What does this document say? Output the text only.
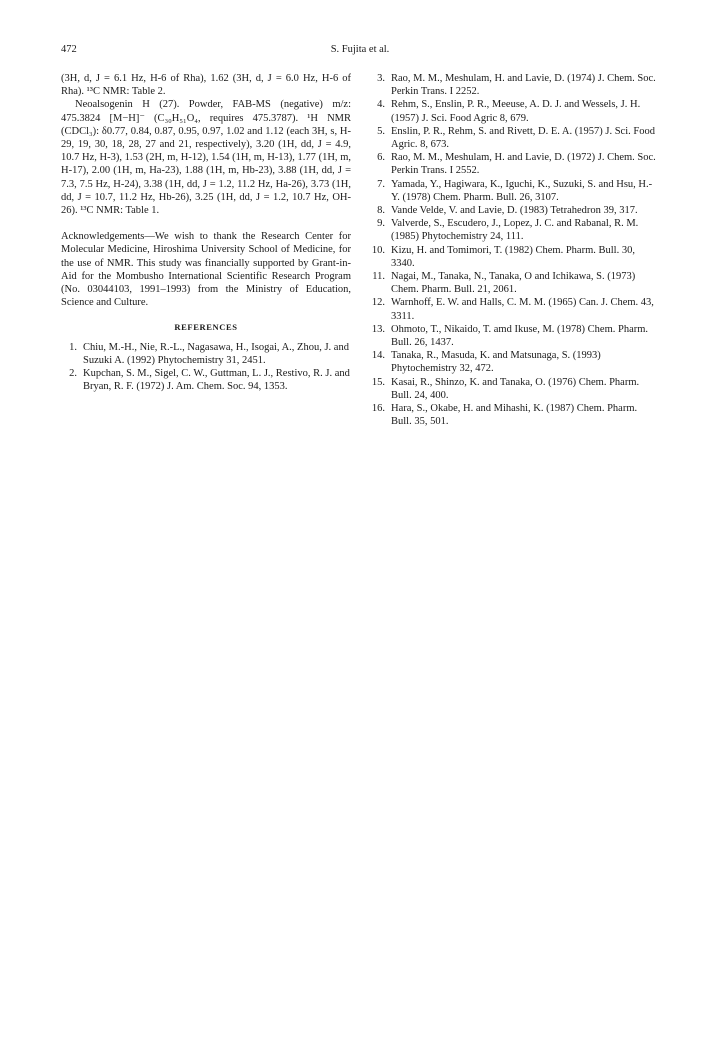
472	S. Fujita et al.

(3H, d, J = 6.1 Hz, H-6 of Rha), 1.62 (3H, d, J = 6.0 Hz, H-6 of Rha). ¹³C NMR: Table 2.

Neoalsogenin H (27). Powder, FAB-MS (negative) m/z: 475.3824 [M−H]⁻ (C₃₀H₅₁O₄, requires 475.3787). ¹H NMR (CDCl₃): δ0.77, 0.84, 0.87, 0.95, 0.97, 1.02 and 1.12 (each 3H, s, H-29, 19, 30, 18, 28, 27 and 21, respectively), 3.20 (1H, dd, J = 4.9, 10.7 Hz, H-3), 1.53 (2H, m, H-12), 1.54 (1H, m, H-13), 1.77 (1H, m, H-17), 2.00 (1H, m, Ha-23), 1.88 (1H, m, Hb-23), 3.88 (1H, dd, J = 7.3, 7.5 Hz, H-24), 3.38 (1H, dd, J = 1.2, 11.2 Hz, Ha-26), 3.73 (1H, dd, J = 10.7, 11.2 Hz, Hb-26), 3.25 (1H, dd, J = 1.2, 10.7 Hz, OH-26). ¹³C NMR: Table 1.

Acknowledgements—We wish to thank the Research Center for Molecular Medicine, Hiroshima University School of Medicine, for the use of NMR. This study was financially supported by Grant-in-Aid for the Mombusho International Scientific Research Program (No. 03044103, 1991–1993) from the Ministry of Education, Science and Culture.

REFERENCES
1. Chiu, M.-H., Nie, R.-L., Nagasawa, H., Isogai, A., Zhou, J. and Suzuki A. (1992) Phytochemistry 31, 2451.
2. Kupchan, S. M., Sigel, C. W., Guttman, L. J., Restivo, R. J. and Bryan, R. F. (1972) J. Am. Chem. Soc. 94, 1353.
3. Rao, M. M., Meshulam, H. and Lavie, D. (1974) J. Chem. Soc. Perkin Trans. I 2252.
4. Rehm, S., Enslin, P. R., Meeuse, A. D. J. and Wessels, J. H. (1957) J. Sci. Food Agric 8, 679.
5. Enslin, P. R., Rehm, S. and Rivett, D. E. A. (1957) J. Sci. Food Agric. 8, 673.
6. Rao, M. M., Meshulam, H. and Lavie, D. (1972) J. Chem. Soc. Perkin Trans. I 2552.
7. Yamada, Y., Hagiwara, K., Iguchi, K., Suzuki, S. and Hsu, H.-Y. (1978) Chem. Pharm. Bull. 26, 3107.
8. Vande Velde, V. and Lavie, D. (1983) Tetrahedron 39, 317.
9. Valverde, S., Escudero, J., Lopez, J. C. and Rabanal, R. M. (1985) Phytochemistry 24, 111.
10. Kizu, H. and Tomimori, T. (1982) Chem. Pharm. Bull. 30, 3340.
11. Nagai, M., Tanaka, N., Tanaka, O and Ichikawa, S. (1973) Chem. Pharm. Bull. 21, 2061.
12. Warnhoff, E. W. and Halls, C. M. M. (1965) Can. J. Chem. 43, 3311.
13. Ohmoto, T., Nikaido, T. amd Ikuse, M. (1978) Chem. Pharm. Bull. 26, 1437.
14. Tanaka, R., Masuda, K. and Matsunaga, S. (1993) Phytochemistry 32, 472.
15. Kasai, R., Shinzo, K. and Tanaka, O. (1976) Chem. Pharm. Bull. 24, 400.
16. Hara, S., Okabe, H. and Mihashi, K. (1987) Chem. Pharm. Bull. 35, 501.
